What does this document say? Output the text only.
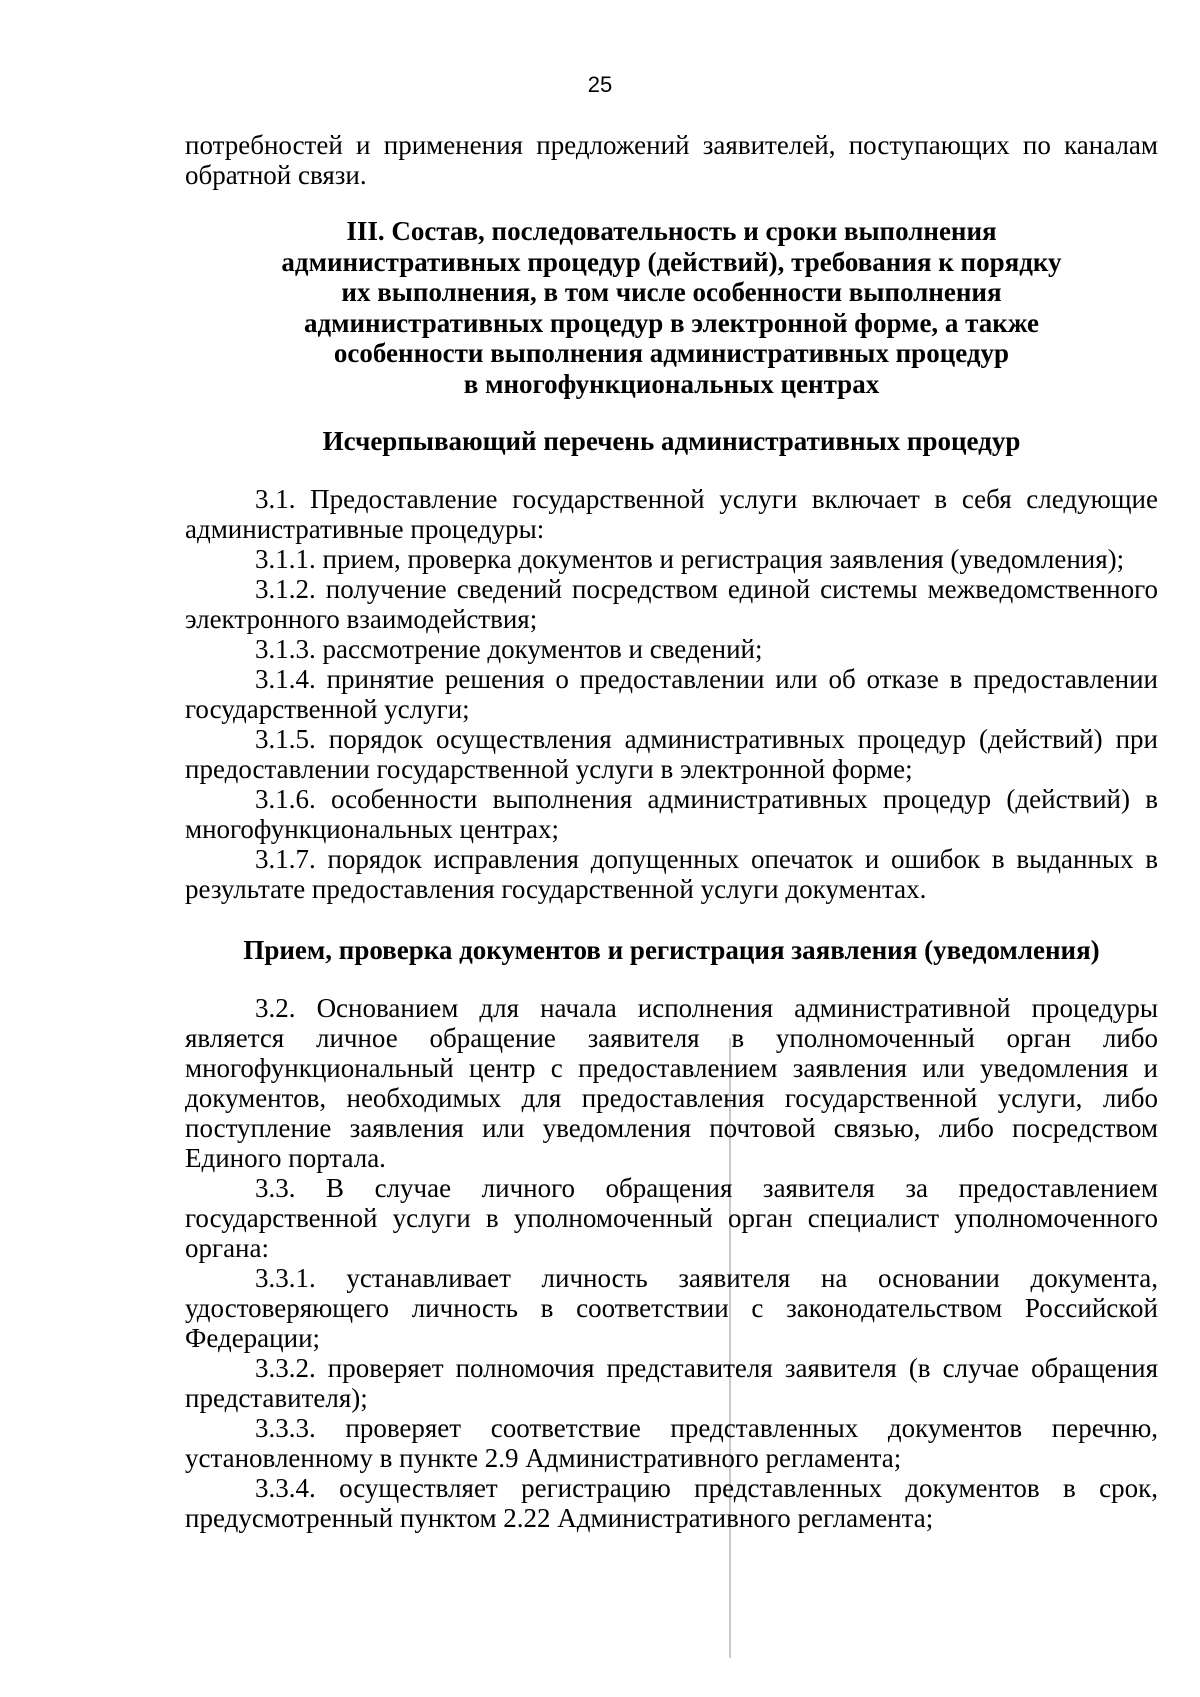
25

потребностей и применения предложений заявителей, поступающих по каналам обратной связи.

III. Состав, последовательность и сроки выполнения
административных процедур (действий), требования к порядку
их выполнения, в том числе особенности выполнения
административных процедур в электронной форме, а также
особенности выполнения административных процедур
в многофункциональных центрах
Исчерпывающий перечень административных процедур

3.1. Предоставление государственной услуги включает в себя следующие административные процедуры:

3.1.1. прием, проверка документов и регистрация заявления (уведомления);

3.1.2. получение сведений посредством единой системы межведомственного электронного взаимодействия;

3.1.3. рассмотрение документов и сведений;

3.1.4. принятие решения о предоставлении или об отказе в предоставлении государственной услуги;

3.1.5. порядок осуществления административных процедур (действий) при предоставлении государственной услуги в электронной форме;

3.1.6. особенности выполнения административных процедур (действий) в многофункциональных центрах;

3.1.7. порядок исправления допущенных опечаток и ошибок в выданных в результате предоставления государственной услуги документах.

Прием, проверка документов и регистрация заявления (уведомления)

3.2. Основанием для начала исполнения административной процедуры является личное обращение заявителя в уполномоченный орган либо многофункциональный центр с предоставлением заявления или уведомления и документов, необходимых для предоставления государственной услуги, либо поступление заявления или уведомления почтовой связью, либо посредством Единого портала.

3.3. В случае личного обращения заявителя за предоставлением государственной услуги в уполномоченный орган специалист уполномоченного органа:

3.3.1. устанавливает личность заявителя на основании документа, удостоверяющего личность в соответствии с законодательством Российской Федерации;

3.3.2. проверяет полномочия представителя заявителя (в случае обращения представителя);

3.3.3. проверяет соответствие представленных документов перечню, установленному в пункте 2.9 Административного регламента;

3.3.4. осуществляет регистрацию представленных документов в срок, предусмотренный пунктом 2.22 Административного регламента;
